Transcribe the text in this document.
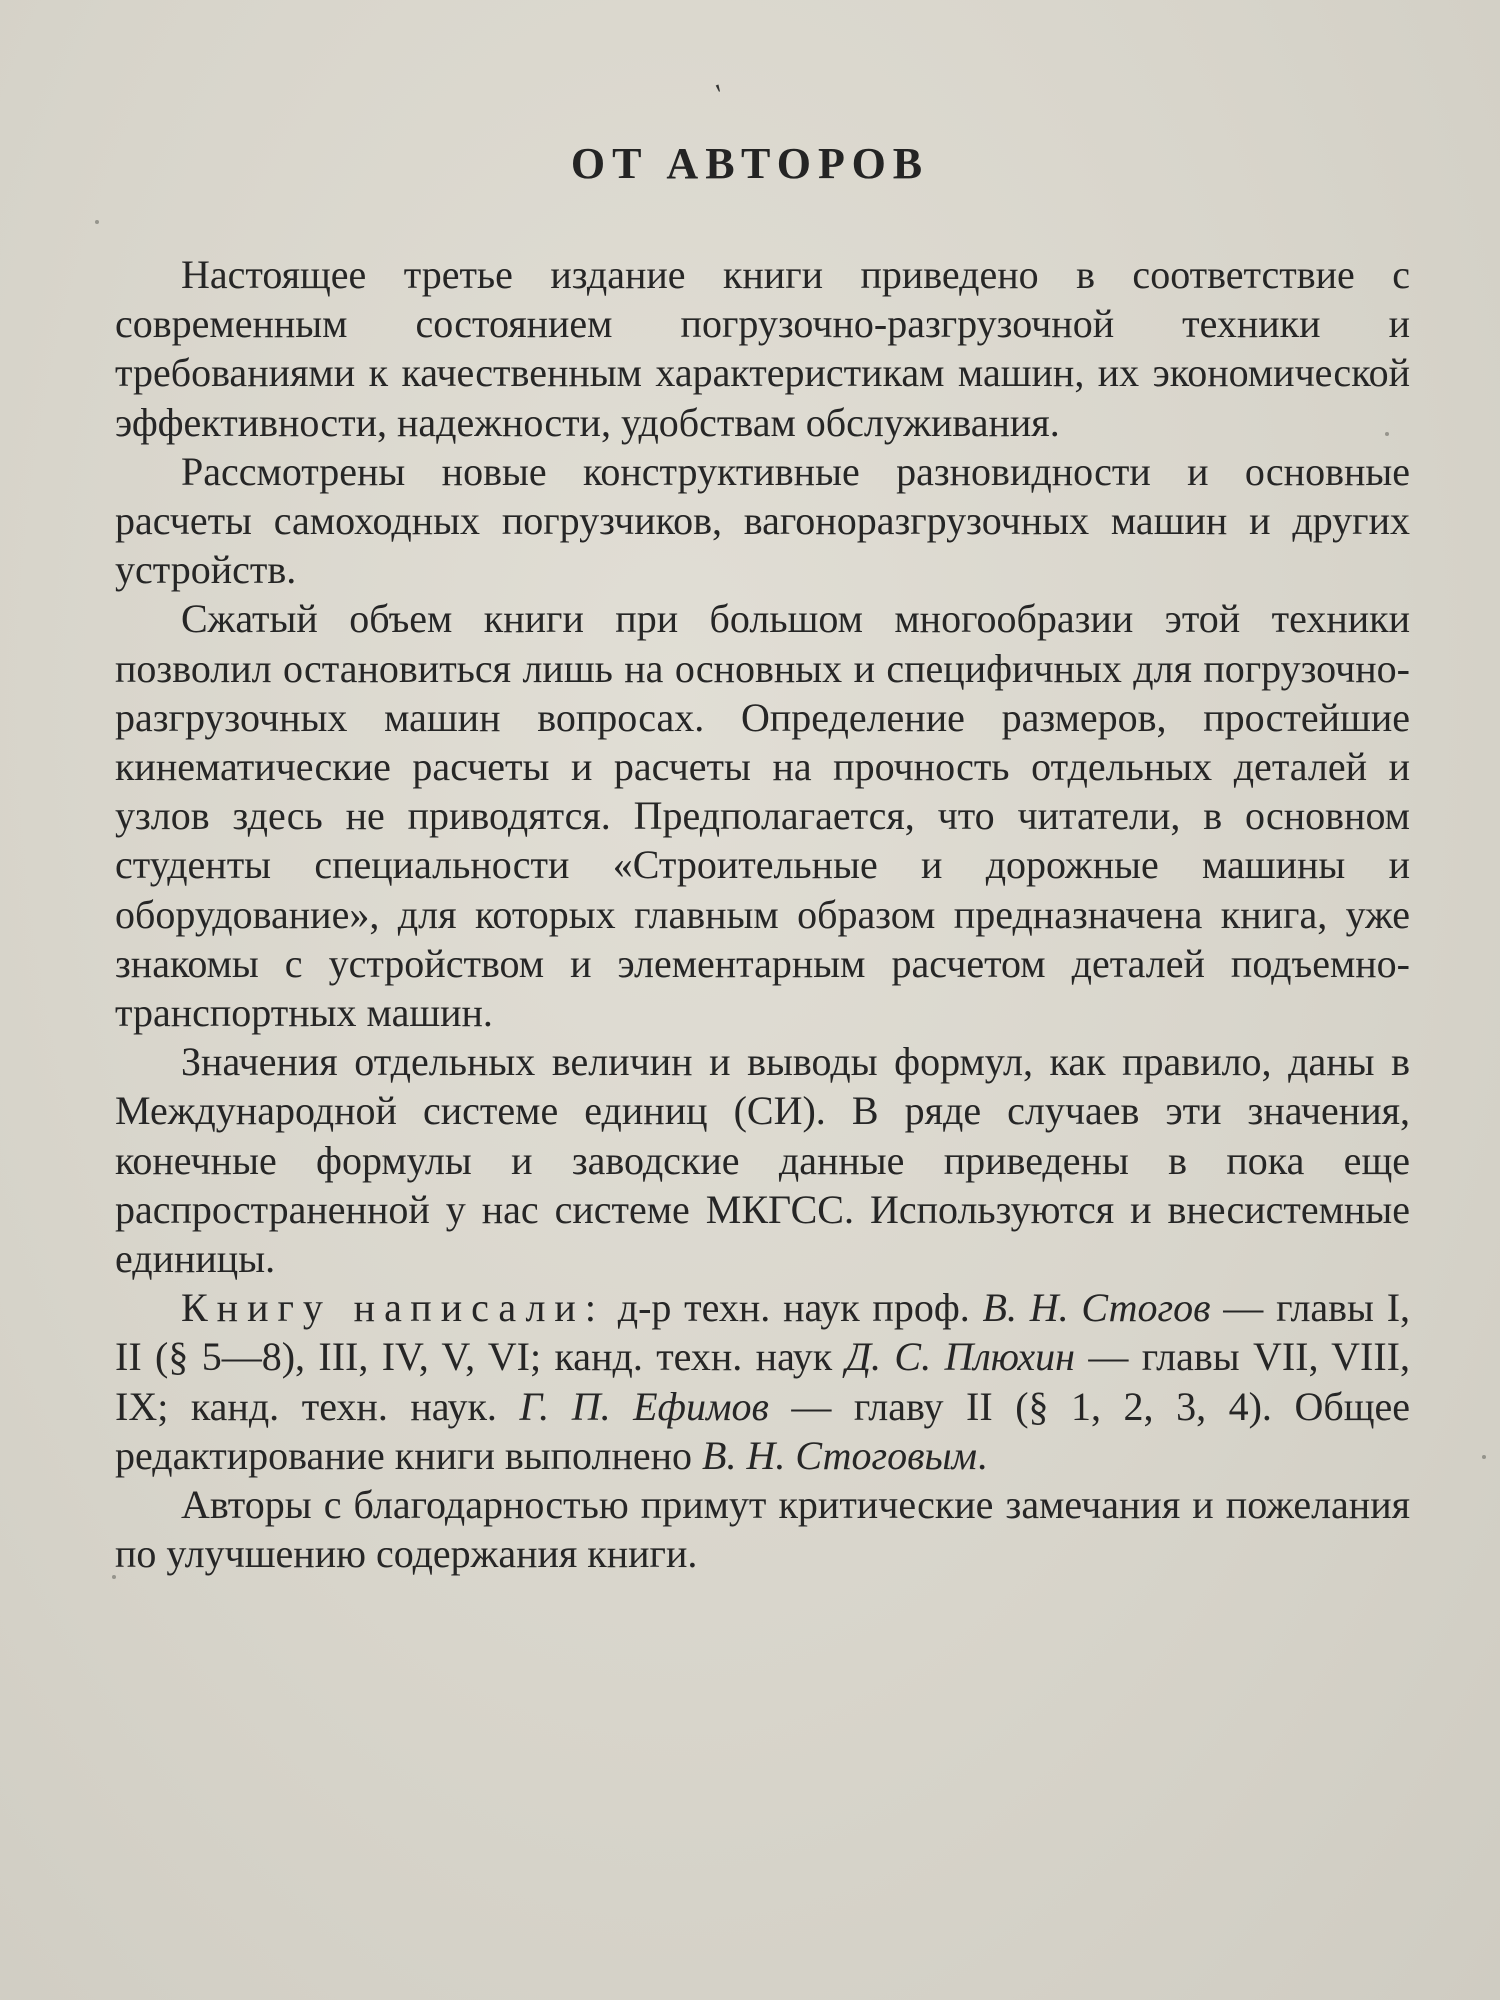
'
ОТ АВТОРОВ

Настоящее третье издание книги приведено в соответствие с современным состоянием погрузочно-разгрузочной техники и требованиями к качественным характеристикам машин, их экономической эффективности, надежности, удобствам обслуживания.

Рассмотрены новые конструктивные разновидности и основные расчеты самоходных погрузчиков, вагоноразгрузочных машин и других устройств.

Сжатый объем книги при большом многообразии этой техники позволил остановиться лишь на основных и специфичных для погрузочно-разгрузочных машин вопросах. Определение размеров, простейшие кинематические расчеты и расчеты на прочность отдельных деталей и узлов здесь не приводятся. Предполагается, что читатели, в основном студенты специальности «Строительные и дорожные машины и оборудование», для которых главным образом предназначена книга, уже знакомы с устройством и элементарным расчетом деталей подъемно-транспортных машин.

Значения отдельных величин и выводы формул, как правило, даны в Международной системе единиц (СИ). В ряде случаев эти значения, конечные формулы и заводские данные приведены в пока еще распространенной у нас системе МКГСС. Используются и внесистемные единицы.

Книгу написали: д-р техн. наук проф. В. Н. Стогов — главы I, II (§ 5—8), III, IV, V, VI; канд. техн. наук Д. С. Плюхин — главы VII, VIII, IX; канд. техн. наук. Г. П. Ефимов — главу II (§ 1, 2, 3, 4). Общее редактирование книги выполнено В. Н. Стоговым.

Авторы с благодарностью примут критические замечания и пожелания по улучшению содержания книги.
